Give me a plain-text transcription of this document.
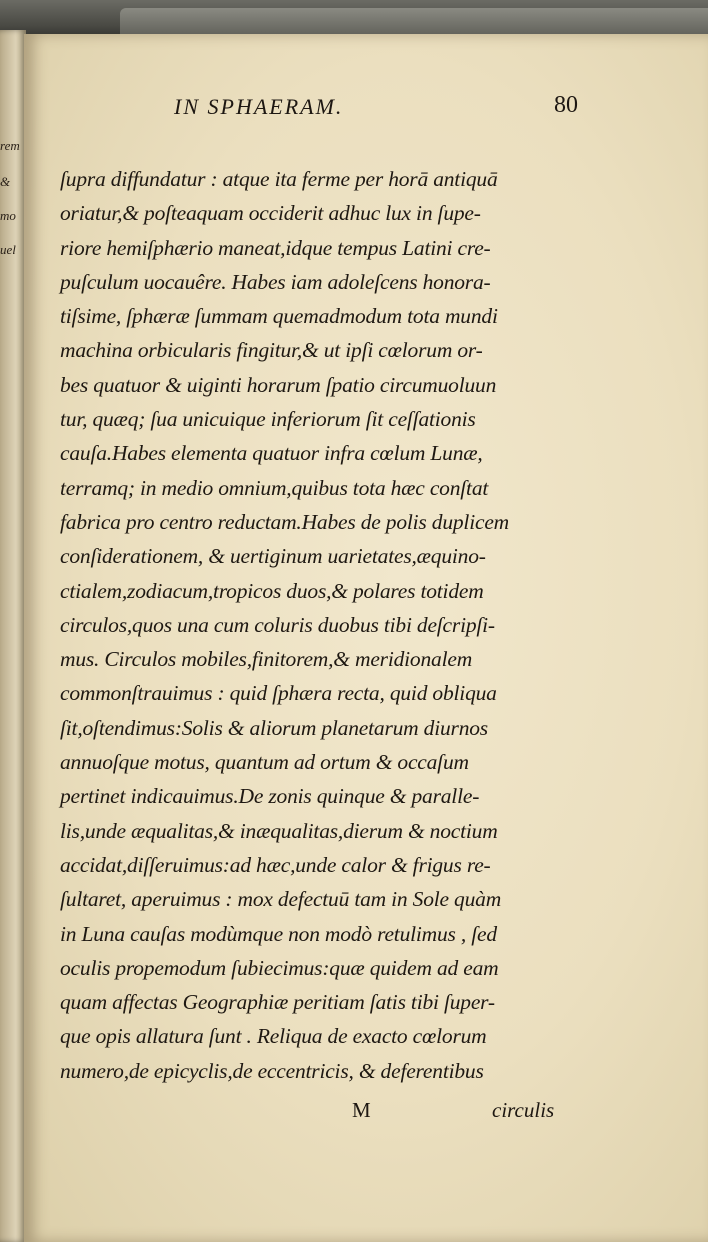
rem
&
mo
uel
IN SPHAERAM.	80
ſupra diffundatur : atque ita ferme per horā antiquā
oriatur,& poſteaquam occiderit adhuc lux in ſupe-
riore hemiſphærio maneat,idque tempus Latini cre-
puſculum uocauêre. Habes iam adoleſcens honora-
tiſsime, ſphæræ ſummam quemadmodum tota mundi
machina orbicularis fingitur,& ut ipſi cœlorum or-
bes quatuor & uiginti horarum ſpatio circumuoluun
tur, quæq; ſua unicuique inferiorum ſit ceſſationis
cauſa.Habes elementa quatuor infra cœlum Lunæ,
terramq; in medio omnium,quibus tota hæc conſtat
fabrica pro centro reductam.Habes de polis duplicem
conſiderationem, & uertiginum uarietates,æquino-
ctialem,zodiacum,tropicos duos,& polares totidem
circulos,quos una cum coluris duobus tibi deſcripſi-
mus. Circulos mobiles,finitorem,& meridionalem
commonſtrauimus : quid ſphæra recta, quid obliqua
ſit,oſtendimus:Solis & aliorum planetarum diurnos
annuoſque motus, quantum ad ortum & occaſum
pertinet indicauimus.De zonis quinque & paralle-
lis,unde æqualitas,& inæqualitas,dierum & noctium
accidat,diſſeruimus:ad hæc,unde calor & frigus re-
ſultaret, aperuimus : mox defectuū tam in Sole quàm
in Luna cauſas modùmque non modò retulimus , ſed
oculis propemodum ſubiecimus:quæ quidem ad eam
quam affectas Geographiæ peritiam ſatis tibi ſuper-
que opis allatura ſunt . Reliqua de exacto cœlorum
numero,de epicyclis,de eccentricis, & deferentibus
M	circulis
